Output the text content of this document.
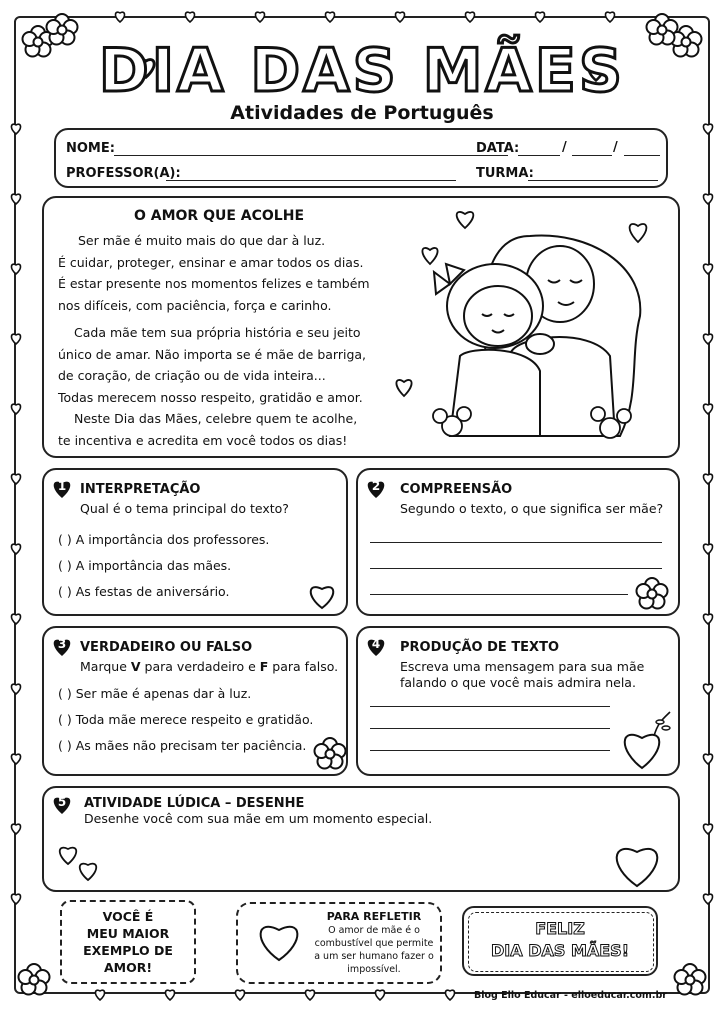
DIA DAS MÃES
Atividades de Português
NOME:	DATA:	/	/
PROFESSOR(A):	TURMA:
O AMOR QUE ACOLHE
Ser mãe é muito mais do que dar à luz.
É cuidar, proteger, ensinar e amar todos os dias.
É estar presente nos momentos felizes e também
nos difíceis, com paciência, força e carinho.
Cada mãe tem sua própria história e seu jeito
único de amar. Não importa se é mãe de barriga,
de coração, de criação ou de vida inteira...
Todas merecem nosso respeito, gratidão e amor.
Neste Dia das Mães, celebre quem te acolhe,
te incentiva e acredita em você todos os dias!
1	INTERPRETAÇÃO
Qual é o tema principal do texto?
( ) A importância dos professores.
( ) A importância das mães.
( ) As festas de aniversário.
2	COMPREENSÃO
Segundo o texto, o que significa ser mãe?
3	VERDADEIRO OU FALSO
Marque V para verdadeiro e F para falso.
( ) Ser mãe é apenas dar à luz.
( ) Toda mãe merece respeito e gratidão.
( ) As mães não precisam ter paciência.
4	PRODUÇÃO DE TEXTO
Escreva uma mensagem para sua mãe
falando o que você mais admira nela.
5	ATIVIDADE LÚDICA – DESENHE
Desenhe você com sua mãe em um momento especial.
VOCÊ É
MEU MAIOR
EXEMPLO DE
AMOR!
PARA REFLETIR
O amor de mãe é o
combustível que permite
a um ser humano fazer o
impossível.
FELIZ
DIA DAS MÃES!
Blog Ello Educar - elloeducar.com.br
